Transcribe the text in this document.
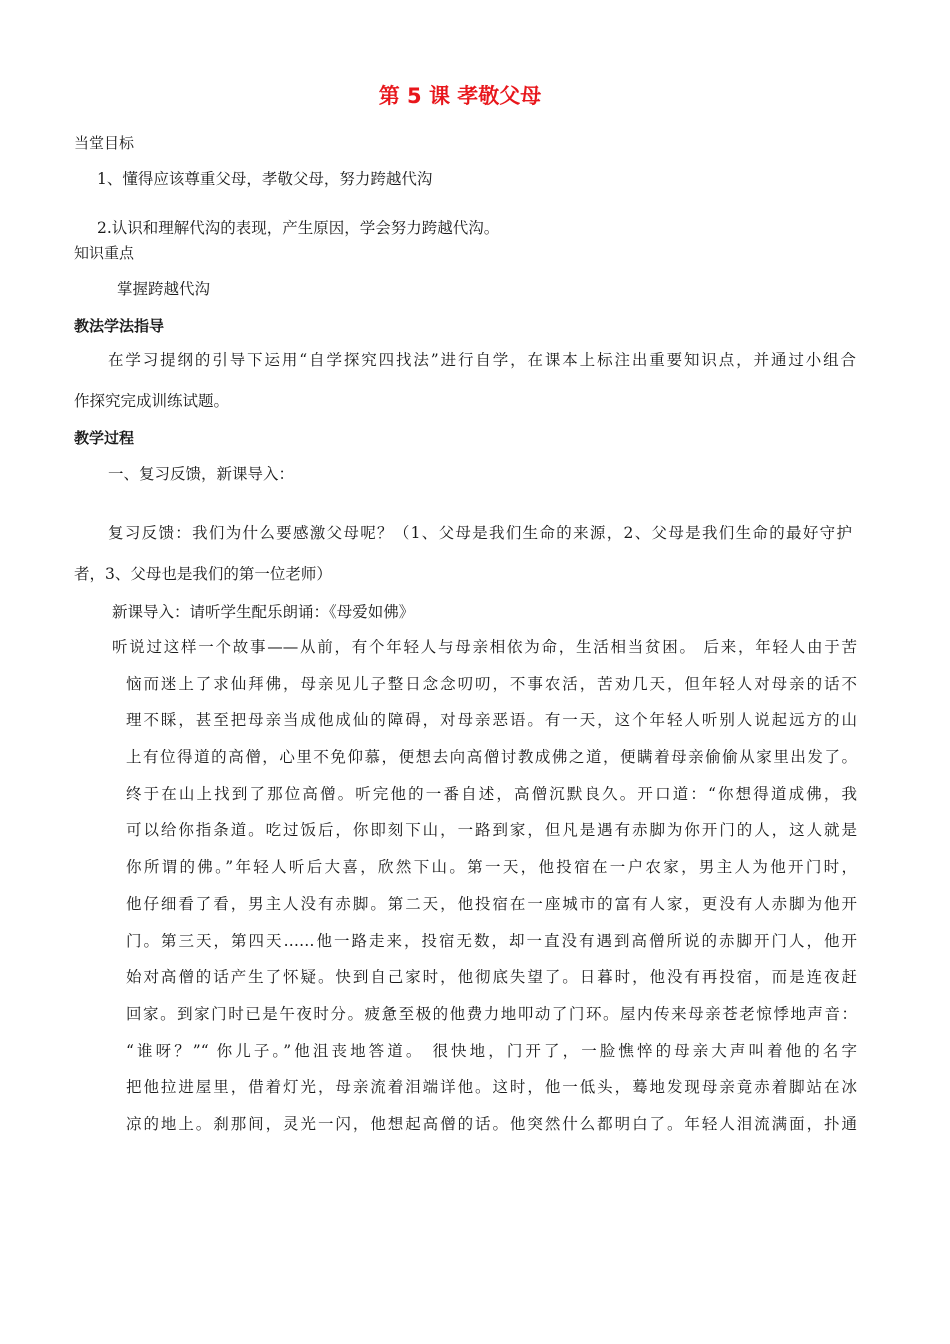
第 5 课 孝敬父母
当堂目标
1、懂得应该尊重父母，孝敬父母，努力跨越代沟
2.认识和理解代沟的表现，产生原因，学会努力跨越代沟。
知识重点
掌握跨越代沟
教法学法指导
在学习提纲的引导下运用“自学探究四找法”进行自学，在课本上标注出重要知识点，并通过小组合
作探究完成训练试题。
教学过程
一、复习反馈，新课导入：
复习反馈：我们为什么要感激父母呢？（1、父母是我们生命的来源，2、父母是我们生命的最好守护
者，3、父母也是我们的第一位老师）
新课导入：请听学生配乐朗诵：《母爱如佛》
听说过这样一个故事——从前，有个年轻人与母亲相依为命，生活相当贫困。 后来，年轻人由于苦
恼而迷上了求仙拜佛，母亲见儿子整日念念叨叨，不事农活，苦劝几天，但年轻人对母亲的话不
理不睬，甚至把母亲当成他成仙的障碍，对母亲恶语。有一天，这个年轻人听别人说起远方的山
上有位得道的高僧，心里不免仰慕，便想去向高僧讨教成佛之道，便瞒着母亲偷偷从家里出发了。
终于在山上找到了那位高僧。听完他的一番自述，高僧沉默良久。开口道：“你想得道成佛，我
可以给你指条道。吃过饭后，你即刻下山，一路到家，但凡是遇有赤脚为你开门的人，这人就是
你所谓的佛。”年轻人听后大喜，欣然下山。第一天，他投宿在一户农家，男主人为他开门时，
他仔细看了看，男主人没有赤脚。第二天，他投宿在一座城市的富有人家，更没有人赤脚为他开
门。第三天，第四天……他一路走来，投宿无数，却一直没有遇到高僧所说的赤脚开门人，他开
始对高僧的话产生了怀疑。快到自己家时，他彻底失望了。日暮时，他没有再投宿，而是连夜赶
回家。到家门时已是午夜时分。疲惫至极的他费力地叩动了门环。屋内传来母亲苍老惊悸地声音：
“谁呀？”“ 你儿子。”他沮丧地答道。 很快地，门开了，一脸憔悴的母亲大声叫着他的名字
把他拉进屋里，借着灯光，母亲流着泪端详他。这时，他一低头，蓦地发现母亲竟赤着脚站在冰
凉的地上。刹那间，灵光一闪，他想起高僧的话。他突然什么都明白了。年轻人泪流满面，扑通
